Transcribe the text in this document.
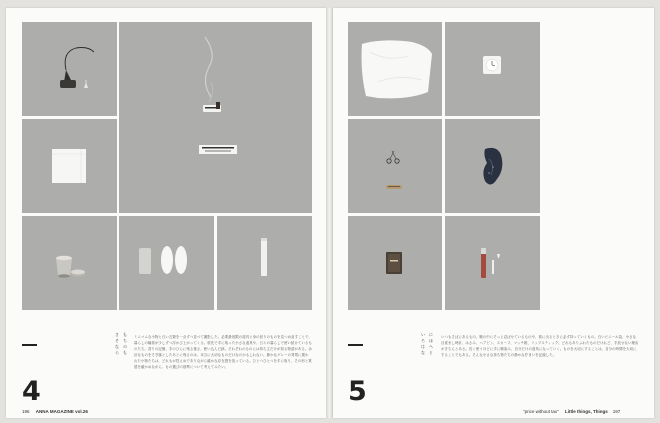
4
さ
そ
な
ら
も
ち
の
も
ミニマムな小物と白い衣類を一点ずつ並べて撮影した。必要最低限の道具と身の回りのものを見つめ直すことで、暮らしの輪郭が少しずつ浮かび上がってくる。旅先で手に取った小さな道具や、日々の暮らしで使い続けているものたち。香りの記憶、手のひらに残る重さ、使い込んだ跡。それぞれのものには持ち主だけが知る物語がある。余計なものをそぎ落としたあとに残るのは、本当に大切なものだけなのかもしれない。静かなグレーの背景に置かれた小物たちは、どれもが控えめでありながら確かな存在感を放っている。ひとつひとつを手に取り、その形と質感を確かめながら、もの選びの基準について考えてみたい。
196 ANNA MAGAZINE vol.26
5
い
ろ
は
な
に
ほ
へ
と
いつもそばにあるもの。鞄の中にそっと忍ばせているものや、旅に出るときに必ず持っていくもの。白いビニール袋、小さな目覚まし時計、はさみ、ヘアピン、スカーフ、マッチ箱、リップスティック。どれもありふれたものだけれど、手放せない理由がきちんとある。長く使うほどに手に馴染み、自分だけの道具になっていく。ものを大切にすることは、自分の時間を大切にすることでもある。そんな小さな持ち物たちの静かな佇まいを記録した。
"price without tax" Little things, Things 197
